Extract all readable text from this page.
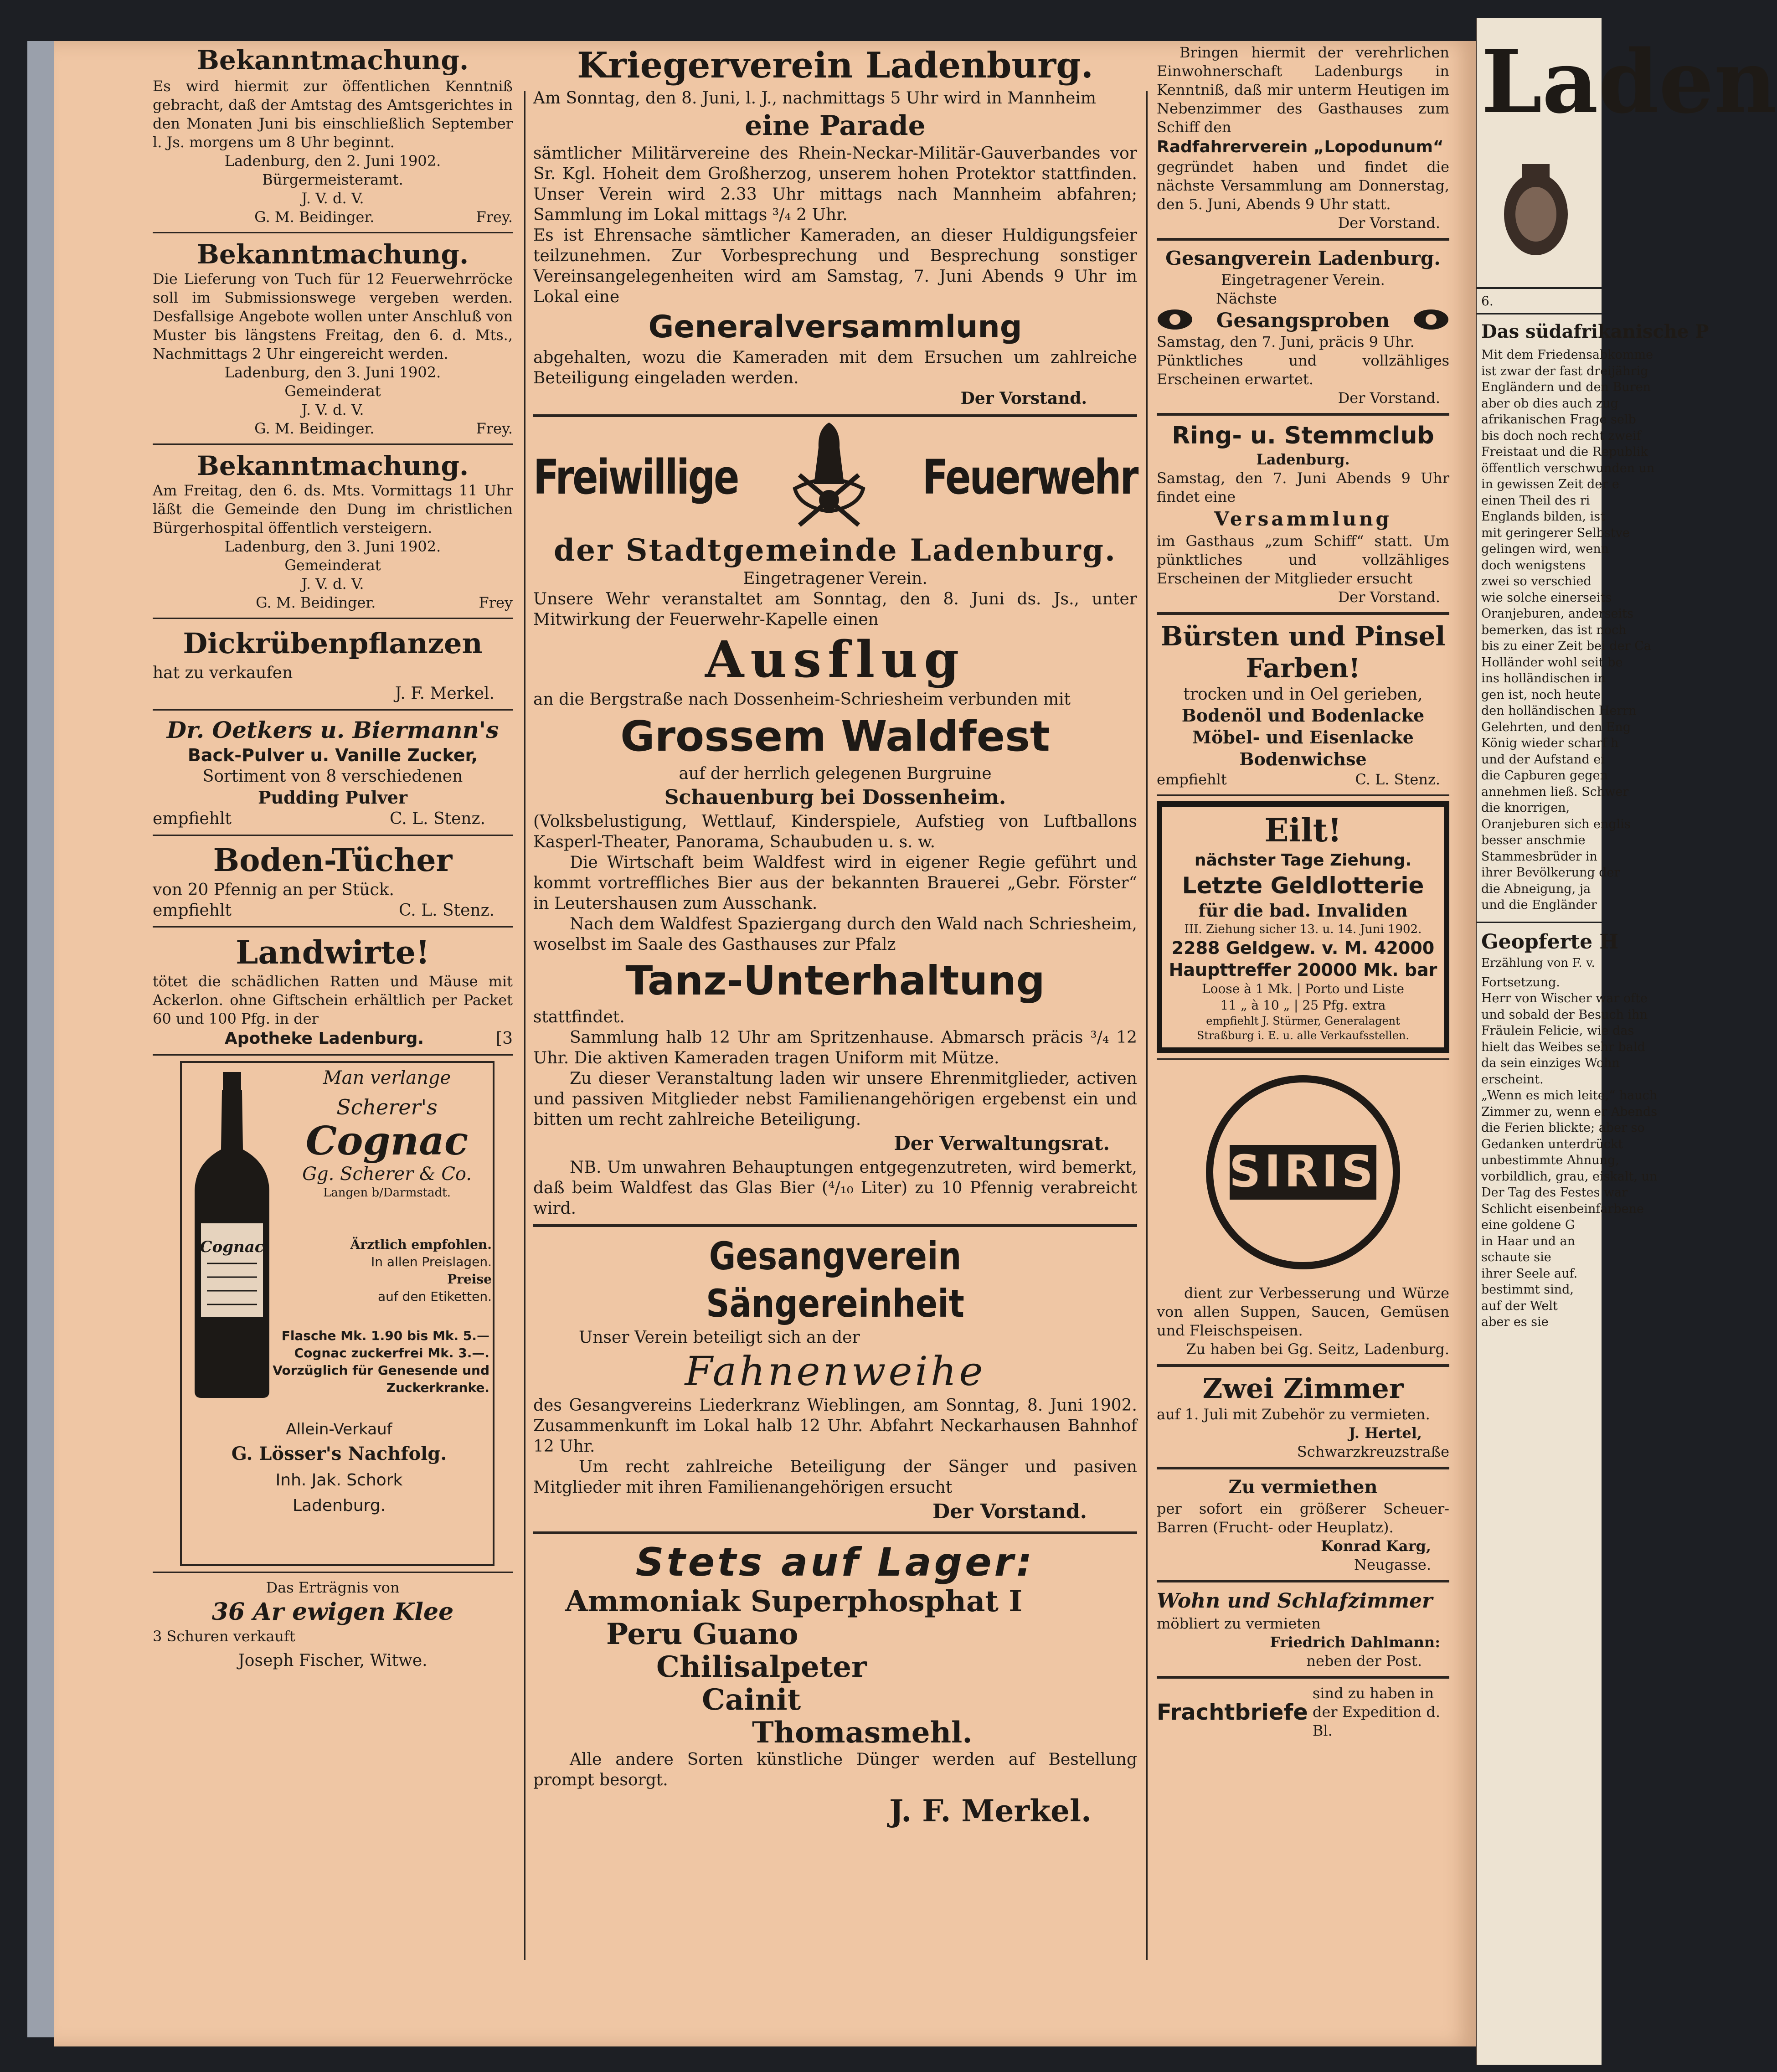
Laden
6.
Das südafrikanische P
Mit dem Friedensabkomme
ist zwar der fast dreijährig
Engländern und den Buren
aber ob dies auch zug
afrikanischen Frage selb
bis doch noch recht zweif
Freistaat und die Republik
öffentlich verschwunden un
in gewissen Zeit der e
einen Theil des ri
Englands bilden, ist
mit geringerer Selbstve
gelingen wird, wenn
doch wenigstens
zwei so verschied
wie solche einerseits
Oranjeburen, anderseits
bemerken, das ist noch
bis zu einer Zeit bei der Ca
Holländer wohl seit be
ins holländischen in
gen ist, noch heute
den holländischen Herrn
Gelehrten, und den Eng
König wieder scharf h
und der Aufstand ei
die Capburen gegen
annehmen ließ. Schwer
die knorrigen,
Oranjeburen sich englis
besser anschmie
Stammesbrüder in
ihrer Bevölkerung der
die Abneigung, ja
und die Engländer
Geopferte H
Erzählung von F. v.
Fortsetzung.
Herr von Wischer war ofte
und sobald der Besuch ihn
Fräulein Felicie, wie das
hielt das Weibes sehr bald
da sein einziges Wohn
erscheint.
„Wenn es mich leite,“ hauch
Zimmer zu, wenn er Abends
die Ferien blickte; aber so
Gedanken unterdrückt
unbestimmte Ahnung,
vorbildlich, grau, eiskalt, un
Der Tag des Festes war
Schlicht eisenbeinfarbene
eine goldene G
in Haar und an
schaute sie
ihrer Seele auf.
bestimmt sind,
auf der Welt
aber es sie
Bekanntmachung.
Es wird hiermit zur öffentlichen Kenntniß gebracht, daß der Amtstag des Amtsgerichtes in den Monaten Juni bis einschließlich September l. Js. morgens um 8 Uhr beginnt.
Ladenburg, den 2. Juni 1902.
Bürgermeisteramt.
J. V. d. V.
G. M. Beidinger.	Frey.
Bekanntmachung.
Die Lieferung von Tuch für 12 Feuerwehrröcke soll im Submissionswege vergeben werden. Desfallsige Angebote wollen unter Anschluß von Muster bis längstens Freitag, den 6. d. Mts., Nachmittags 2 Uhr eingereicht werden.
Ladenburg, den 3. Juni 1902.
Gemeinderat
J. V. d. V.
G. M. Beidinger.	Frey.
Bekanntmachung.
Am Freitag, den 6. ds. Mts. Vormittags 11 Uhr läßt die Gemeinde den Dung im christlichen Bürgerhospital öffentlich versteigern.
Ladenburg, den 3. Juni 1902.
Gemeinderat
J. V. d. V.
G. M. Beidinger.	Frey
Dickrübenpflanzen
hat zu verkaufen
J. F. Merkel.
Dr. Oetkers u. Biermann's
Back-Pulver u. Vanille Zucker,
Sortiment von 8 verschiedenen
Pudding Pulver
empfiehlt	C. L. Stenz.
Boden-Tücher
von 20 Pfennig an per Stück.
empfiehlt	C. L. Stenz.
Landwirte!
tötet die schädlichen Ratten und Mäuse mit Ackerlon. ohne Giftschein erhältlich per Packet 60 und 100 Pfg. in der
Apotheke Ladenburg.	[3
Cognac
Man verlange
Scherer's
Cognac
Gg. Scherer & Co.
Langen b/Darmstadt.
Ärztlich empfohlen.
In allen Preislagen.
Preise
auf den Etiketten.
Flasche Mk. 1.90 bis Mk. 5.—
Cognac zuckerfrei Mk. 3.—.
Vorzüglich für Genesende und Zuckerkranke.
Allein-Verkauf
G. Lösser's Nachfolg.
Inh. Jak. Schork
Ladenburg.
Das Erträgnis von
36 Ar ewigen Klee
3 Schuren verkauft
Joseph Fischer, Witwe.
Kriegerverein Ladenburg.
Am Sonntag, den 8. Juni, l. J., nachmittags 5 Uhr wird in Mannheim
eine Parade
sämtlicher Militärvereine des Rhein-Neckar-Militär-Gauverbandes vor Sr. Kgl. Hoheit dem Großherzog, unserem hohen Protektor stattfinden. Unser Verein wird 2.33 Uhr mittags nach Mannheim abfahren; Sammlung im Lokal mittags ³/₄ 2 Uhr.
Es ist Ehrensache sämtlicher Kameraden, an dieser Huldigungsfeier teilzunehmen. Zur Vorbesprechung und Besprechung sonstiger Vereinsangelegenheiten wird am Samstag, 7. Juni Abends 9 Uhr im Lokal eine
Generalversammlung
abgehalten, wozu die Kameraden mit dem Ersuchen um zahlreiche Beteiligung eingeladen werden.
Der Vorstand.
Freiwillige	Feuerwehr
der Stadtgemeinde Ladenburg.
Eingetragener Verein.
Unsere Wehr veranstaltet am Sonntag, den 8. Juni ds. Js., unter Mitwirkung der Feuerwehr-Kapelle einen
Ausflug
an die Bergstraße nach Dossenheim-Schriesheim verbunden mit
Grossem Waldfest
auf der herrlich gelegenen Burgruine
Schauenburg bei Dossenheim.
(Volksbelustigung, Wettlauf, Kinderspiele, Aufstieg von Luftballons Kasperl-Theater, Panorama, Schaubuden u. s. w.
Die Wirtschaft beim Waldfest wird in eigener Regie geführt und kommt vortreffliches Bier aus der bekannten Brauerei „Gebr. Förster“ in Leutershausen zum Ausschank.
Nach dem Waldfest Spaziergang durch den Wald nach Schriesheim, woselbst im Saale des Gasthauses zur Pfalz
Tanz-Unterhaltung
stattfindet.
Sammlung halb 12 Uhr am Spritzenhause. Abmarsch präcis ³/₄ 12 Uhr. Die aktiven Kameraden tragen Uniform mit Mütze.
Zu dieser Veranstaltung laden wir unsere Ehrenmitglieder, activen und passiven Mitglieder nebst Familienangehörigen ergebenst ein und bitten um recht zahlreiche Beteiligung.
Der Verwaltungsrat.
NB. Um unwahren Behauptungen entgegenzutreten, wird bemerkt, daß beim Waldfest das Glas Bier (⁴/₁₀ Liter) zu 10 Pfennig verabreicht wird.
Gesangverein Sängereinheit
Unser Verein beteiligt sich an der
Fahnenweihe
des Gesangvereins Liederkranz Wieblingen, am Sonntag, 8. Juni 1902. Zusammenkunft im Lokal halb 12 Uhr. Abfahrt Neckarhausen Bahnhof 12 Uhr.
Um recht zahlreiche Beteiligung der Sänger und pasiven Mitglieder mit ihren Familienangehörigen ersucht
Der Vorstand.
Stets auf Lager:
Ammoniak Superphosphat I
Peru Guano
Chilisalpeter
Cainit
Thomasmehl.
Alle andere Sorten künstliche Dünger werden auf Bestellung prompt besorgt.
J. F. Merkel.
Bringen hiermit der verehrlichen Einwohnerschaft Ladenburgs in Kenntniß, daß mir unterm Heutigen im Nebenzimmer des Gasthauses zum Schiff den
Radfahrerverein „Lopodunum“
gegründet haben und findet die nächste Versammlung am Donnerstag, den 5. Juni, Abends 9 Uhr statt.
Der Vorstand.
Gesangverein Ladenburg.
Eingetragener Verein.
Nächste
Gesangsproben
Samstag, den 7. Juni, präcis 9 Uhr.
Pünktliches und vollzähliges Erscheinen erwartet.
Der Vorstand.
Ring- u. Stemmclub
Ladenburg.
Samstag, den 7. Juni Abends 9 Uhr findet eine
Versammlung
im Gasthaus „zum Schiff“ statt. Um pünktliches und vollzähliges Erscheinen der Mitglieder ersucht
Der Vorstand.
Bürsten und Pinsel
Farben!
trocken und in Oel gerieben,
Bodenöl und Bodenlacke
Möbel- und Eisenlacke
Bodenwichse
empfiehlt	C. L. Stenz.
Eilt!
nächster Tage Ziehung.
Letzte Geldlotterie
für die bad. Invaliden
III. Ziehung sicher 13. u. 14. Juni 1902.
2288 Geldgew. v. M. 42000
Haupttreffer 20000 Mk. bar
Loose à 1 Mk. | Porto und Liste
11 „ à 10 „ | 25 Pfg. extra
empfiehlt J. Stürmer, Generalagent
Straßburg i. E. u. alle Verkaufsstellen.
SIRIS
dient zur Verbesserung und Würze von allen Suppen, Saucen, Gemüsen und Fleischspeisen.
Zu haben bei Gg. Seitz, Ladenburg.
Zwei Zimmer
auf 1. Juli mit Zubehör zu vermieten.
J. Hertel,
Schwarzkreuzstraße
Zu vermiethen
per sofort ein größerer Scheuer-Barren (Frucht- oder Heuplatz).
Konrad Karg,
Neugasse.
Wohn und Schlafzimmer
möbliert zu vermieten
Friedrich Dahlmann:
neben der Post.
Frachtbriefe
sind zu haben in der Expedition d. Bl.
